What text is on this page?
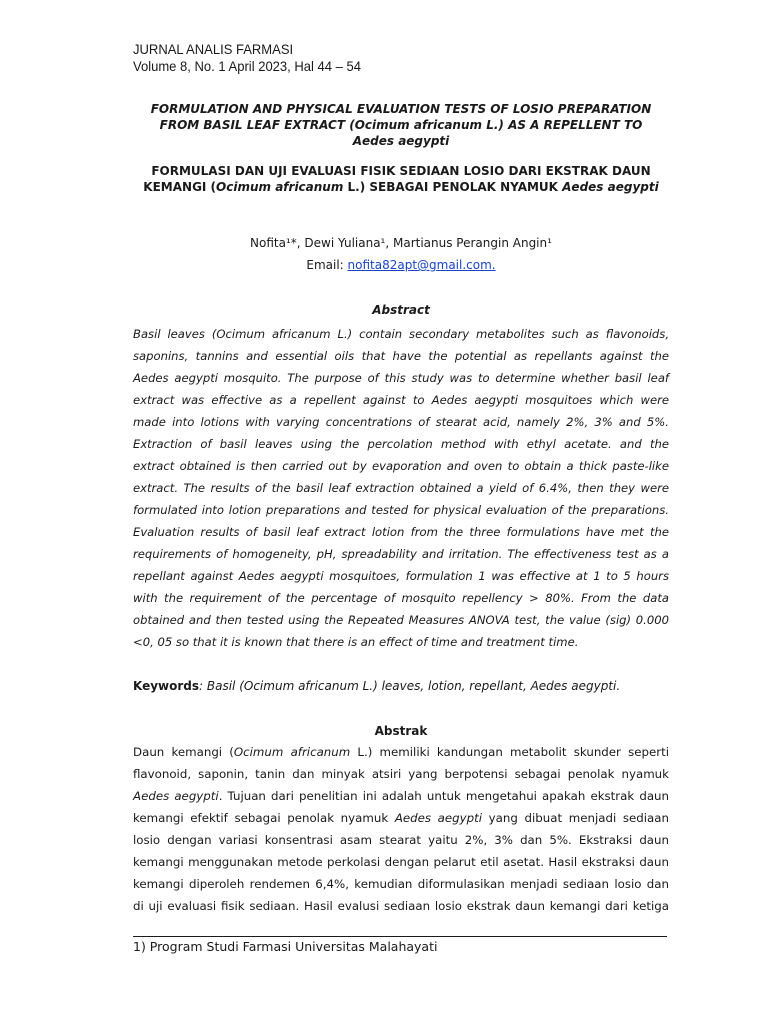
JURNAL ANALIS FARMASI
Volume 8, No. 1 April 2023, Hal 44 – 54
FORMULATION AND PHYSICAL EVALUATION TESTS OF LOSIO PREPARATION
FROM BASIL LEAF EXTRACT (Ocimum africanum L.) AS A REPELLENT TO
Aedes aegypti
FORMULASI DAN UJI EVALUASI FISIK SEDIAAN LOSIO DARI EKSTRAK DAUN
KEMANGI (Ocimum africanum L.) SEBAGAI PENOLAK NYAMUK Aedes aegypti
Nofita¹*, Dewi Yuliana¹, Martianus Perangin Angin¹
Email: nofita82apt@gmail.com.
Abstract
Basil leaves (Ocimum africanum L.) contain secondary metabolites such as flavonoids,
saponins, tannins and essential oils that have the potential as repellants against the
Aedes aegypti mosquito. The purpose of this study was to determine whether basil leaf
extract was effective as a repellent against to Aedes aegypti mosquitoes which were
made into lotions with varying concentrations of stearat acid, namely 2%, 3% and 5%.
Extraction of basil leaves using the percolation method with ethyl acetate. and the
extract obtained is then carried out by evaporation and oven to obtain a thick paste-like
extract. The results of the basil leaf extraction obtained a yield of 6.4%, then they were
formulated into lotion preparations and tested for physical evaluation of the preparations.
Evaluation results of basil leaf extract lotion from the three formulations have met the
requirements of homogeneity, pH, spreadability and irritation. The effectiveness test as a
repellant against Aedes aegypti mosquitoes, formulation 1 was effective at 1 to 5 hours
with the requirement of the percentage of mosquito repellency > 80%. From the data
obtained and then tested using the Repeated Measures ANOVA test, the value (sig) 0.000
<0, 05 so that it is known that there is an effect of time and treatment time.
Keywords: Basil (Ocimum africanum L.) leaves, lotion, repellant, Aedes aegypti.
Abstrak
Daun kemangi (Ocimum africanum L.) memiliki kandungan metabolit skunder seperti
flavonoid, saponin, tanin dan minyak atsiri yang berpotensi sebagai penolak nyamuk
Aedes aegypti. Tujuan dari penelitian ini adalah untuk mengetahui apakah ekstrak daun
kemangi efektif sebagai penolak nyamuk Aedes aegypti yang dibuat menjadi sediaan
losio dengan variasi konsentrasi asam stearat yaitu 2%, 3% dan 5%. Ekstraksi daun
kemangi menggunakan metode perkolasi dengan pelarut etil asetat. Hasil ekstraksi daun
kemangi diperoleh rendemen 6,4%, kemudian diformulasikan menjadi sediaan losio dan
di uji evaluasi fisik sediaan. Hasil evalusi sediaan losio ekstrak daun kemangi dari ketiga
1) Program Studi Farmasi Universitas Malahayati
